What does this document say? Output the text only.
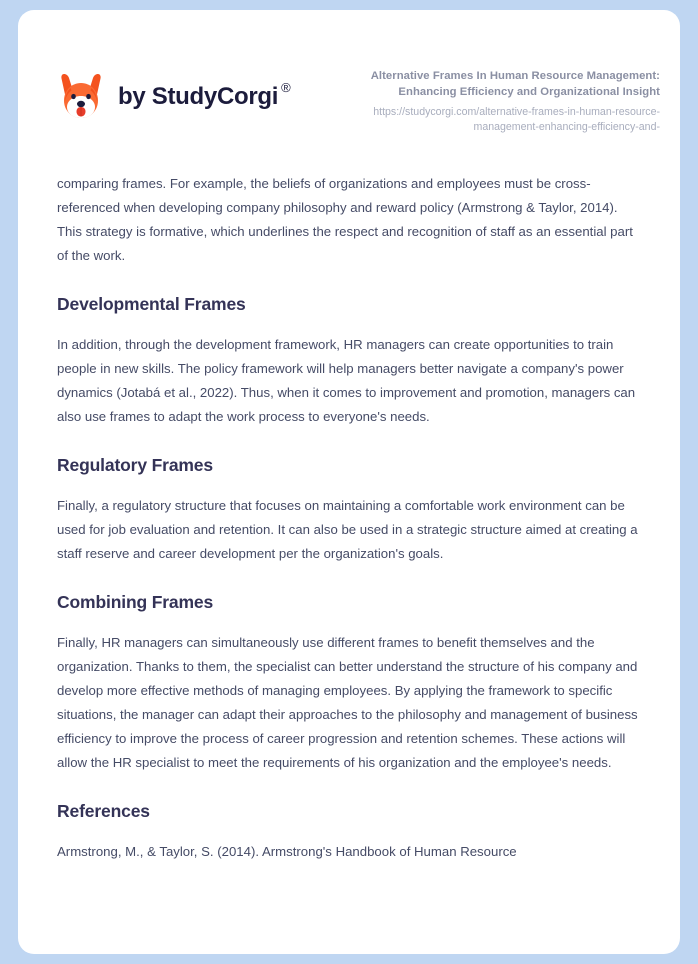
by StudyCorgi ®
Alternative Frames In Human Resource Management: Enhancing Efficiency and Organizational Insight
https://studycorgi.com/alternative-frames-in-human-resource-management-enhancing-efficiency-and-

comparing frames. For example, the beliefs of organizations and employees must be cross-referenced when developing company philosophy and reward policy (Armstrong & Taylor, 2014). This strategy is formative, which underlines the respect and recognition of staff as an essential part of the work.

Developmental Frames

In addition, through the development framework, HR managers can create opportunities to train people in new skills. The policy framework will help managers better navigate a company's power dynamics (Jotabá et al., 2022). Thus, when it comes to improvement and promotion, managers can also use frames to adapt the work process to everyone's needs.

Regulatory Frames

Finally, a regulatory structure that focuses on maintaining a comfortable work environment can be used for job evaluation and retention. It can also be used in a strategic structure aimed at creating a staff reserve and career development per the organization's goals.

Combining Frames

Finally, HR managers can simultaneously use different frames to benefit themselves and the organization. Thanks to them, the specialist can better understand the structure of his company and develop more effective methods of managing employees. By applying the framework to specific situations, the manager can adapt their approaches to the philosophy and management of business efficiency to improve the process of career progression and retention schemes. These actions will allow the HR specialist to meet the requirements of his organization and the employee's needs.

References

Armstrong, M., & Taylor, S. (2014). Armstrong's Handbook of Human Resource
